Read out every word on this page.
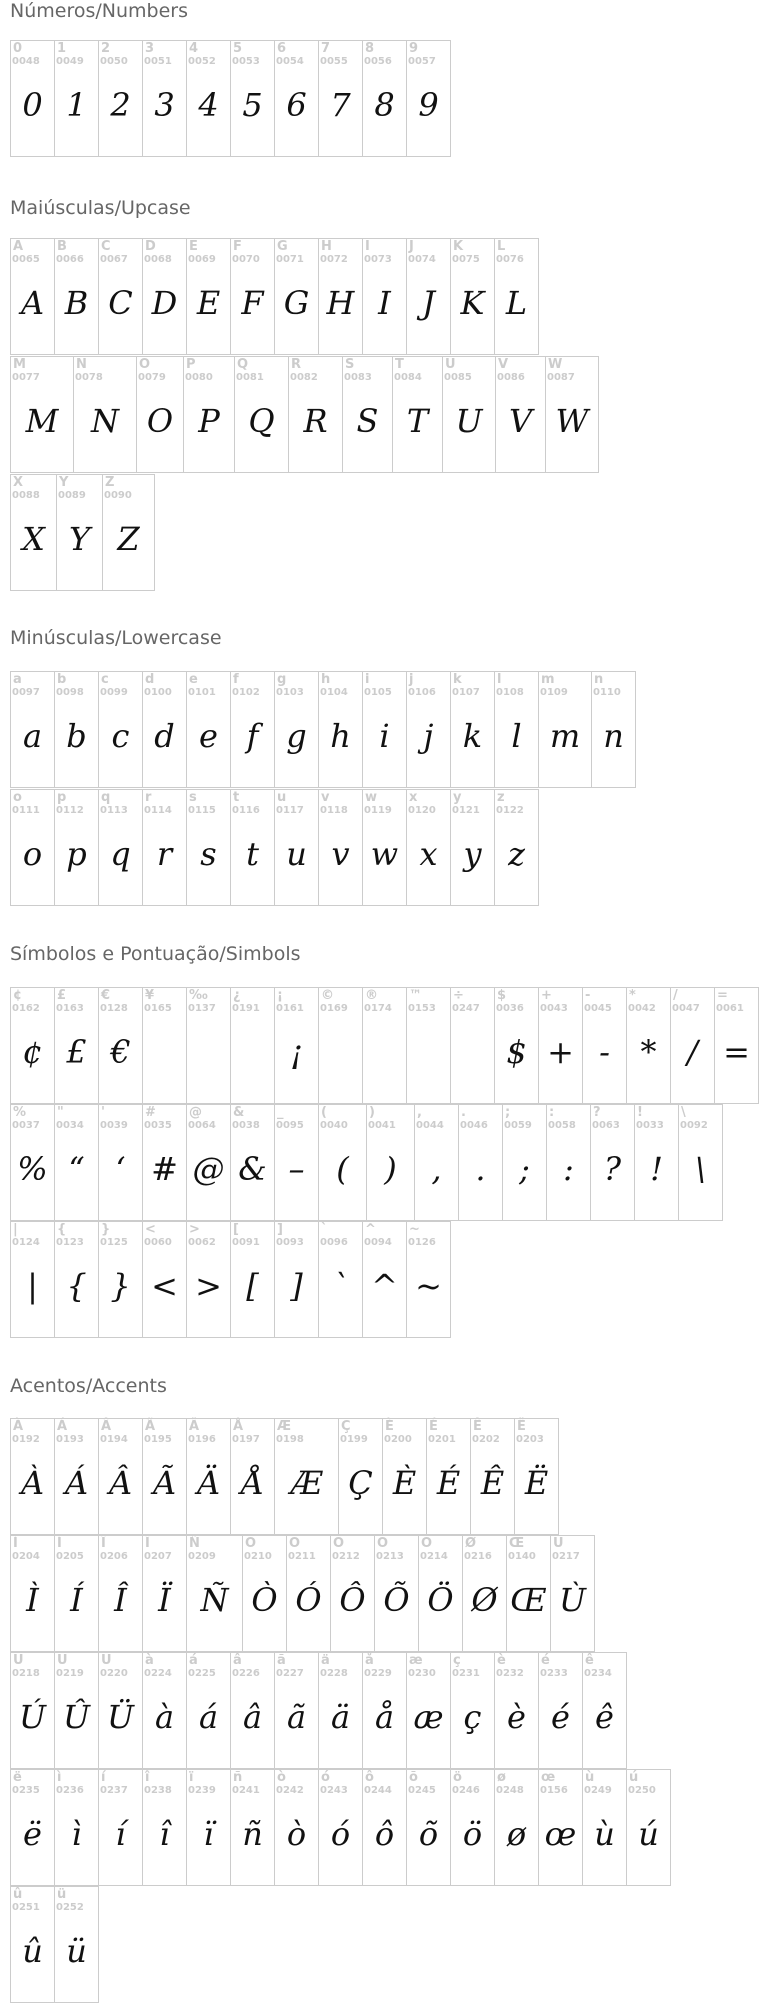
Números/Numbers
0
0048
0
1
0049
1
2
0050
2
3
0051
3
4
0052
4
5
0053
5
6
0054
6
7
0055
7
8
0056
8
9
0057
9
Maiúsculas/Upcase
A
0065
A
B
0066
B
C
0067
C
D
0068
D
E
0069
E
F
0070
F
G
0071
G
H
0072
H
I
0073
I
J
0074
J
K
0075
K
L
0076
L
M
0077
M
N
0078
N
O
0079
O
P
0080
P
Q
0081
Q
R
0082
R
S
0083
S
T
0084
T
U
0085
U
V
0086
V
W
0087
W
X
0088
X
Y
0089
Y
Z
0090
Z
Minúsculas/Lowercase
a
0097
a
b
0098
b
c
0099
c
d
0100
d
e
0101
e
f
0102
f
g
0103
g
h
0104
h
i
0105
i
j
0106
j
k
0107
k
l
0108
l
m
0109
m
n
0110
n
o
0111
o
p
0112
p
q
0113
q
r
0114
r
s
0115
s
t
0116
t
u
0117
u
v
0118
v
w
0119
w
x
0120
x
y
0121
y
z
0122
z
Símbolos e Pontuação/Simbols
¢
0162
¢
£
0163
£
€
0128
€
¥
0165
‰
0137
¿
0191
¡
0161
¡
©
0169
®
0174
™
0153
÷
0247
$
0036
$
+
0043
+
-
0045
-
*
0042
*
/
0047
/
=
0061
=
%
0037
%
"
0034
“
'
0039
‘
#
0035
#
@
0064
@
&
0038
&
_
0095
–
(
0040
(
)
0041
)
,
0044
,
.
0046
.
;
0059
;
:
0058
:
?
0063
?
!
0033
!
\
0092
\
|
0124
|
{
0123
{
}
0125
}
<
0060
<
>
0062
>
[
0091
[
]
0093
]
`
0096
`
^
0094
^
~
0126
~
Acentos/Accents
À
0192
À
Á
0193
Á
Â
0194
Â
Ã
0195
Ã
Ä
0196
Ä
Å
0197
Å
Æ
0198
Æ
Ç
0199
Ç
È
0200
È
É
0201
É
Ê
0202
Ê
Ë
0203
Ë
Ì
0204
Ì
Í
0205
Í
Î
0206
Î
Ï
0207
Ï
Ñ
0209
Ñ
Ò
0210
Ò
Ó
0211
Ó
Ô
0212
Ô
Õ
0213
Õ
Ö
0214
Ö
Ø
0216
Ø
Œ
0140
Œ
Ù
0217
Ù
Ú
0218
Ú
Û
0219
Û
Ü
0220
Ü
à
0224
à
á
0225
á
â
0226
â
ã
0227
ã
ä
0228
ä
å
0229
å
æ
0230
æ
ç
0231
ç
è
0232
è
é
0233
é
ê
0234
ê
ë
0235
ë
ì
0236
ì
í
0237
í
î
0238
î
ï
0239
ï
ñ
0241
ñ
ò
0242
ò
ó
0243
ó
ô
0244
ô
õ
0245
õ
ö
0246
ö
ø
0248
ø
œ
0156
œ
ù
0249
ù
ú
0250
ú
û
0251
û
ü
0252
ü
